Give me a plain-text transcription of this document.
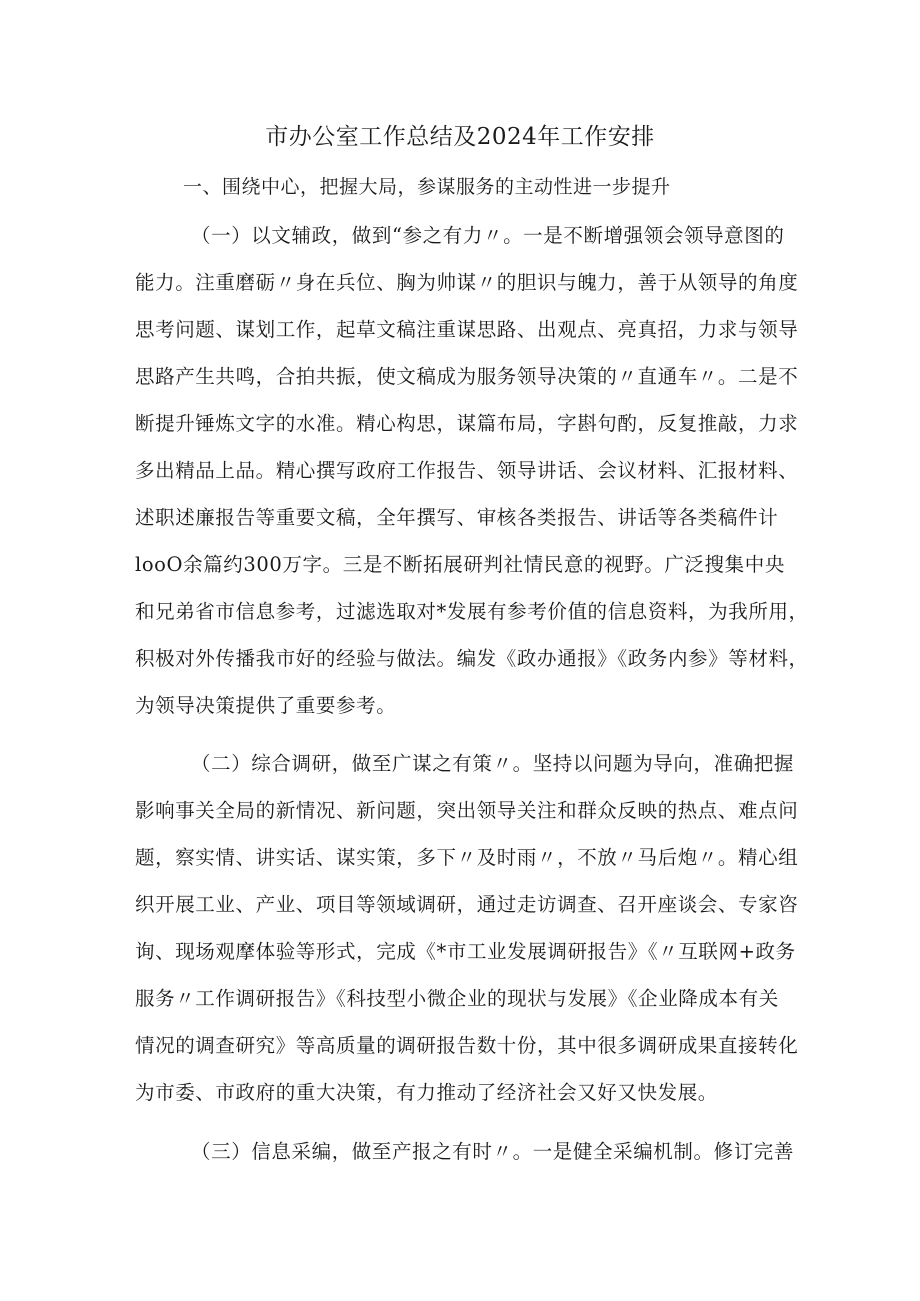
市办公室工作总结及2024年工作安排
一、围绕中心，把握大局，参谋服务的主动性进一步提升
（一）以文辅政，做到“参之有力〃。一是不断增强领会领导意图的
能力。注重磨砺〃身在兵位、胸为帅谋〃的胆识与魄力，善于从领导的角度
思考问题、谋划工作，起草文稿注重谋思路、出观点、亮真招，力求与领导
思路产生共鸣，合拍共振，使文稿成为服务领导决策的〃直通车〃。二是不
断提升锤炼文字的水准。精心构思，谋篇布局，字斟句酌，反复推敲，力求
多出精品上品。精心撰写政府工作报告、领导讲话、会议材料、汇报材料、
述职述廉报告等重要文稿，全年撰写、审核各类报告、讲话等各类稿件计
looO余篇约300万字。三是不断拓展研判社情民意的视野。广泛搜集中央
和兄弟省市信息参考，过滤选取对*发展有参考价值的信息资料，为我所用，
积极对外传播我市好的经验与做法。编发《政办通报》《政务内参》等材料，
为领导决策提供了重要参考。
（二）综合调研，做至广谋之有策〃。坚持以问题为导向，准确把握
影响事关全局的新情况、新问题，突出领导关注和群众反映的热点、难点问
题，察实情、讲实话、谋实策，多下〃及时雨〃，不放〃马后炮〃。精心组
织开展工业、产业、项目等领域调研，通过走访调查、召开座谈会、专家咨
询、现场观摩体验等形式，完成《*市工业发展调研报告》《〃互联网+政务
服务〃工作调研报告》《科技型小微企业的现状与发展》《企业降成本有关
情况的调查研究》等高质量的调研报告数十份，其中很多调研成果直接转化
为市委、市政府的重大决策，有力推动了经济社会又好又快发展。
（三）信息采编，做至产报之有时〃。一是健全采编机制。修订完善
